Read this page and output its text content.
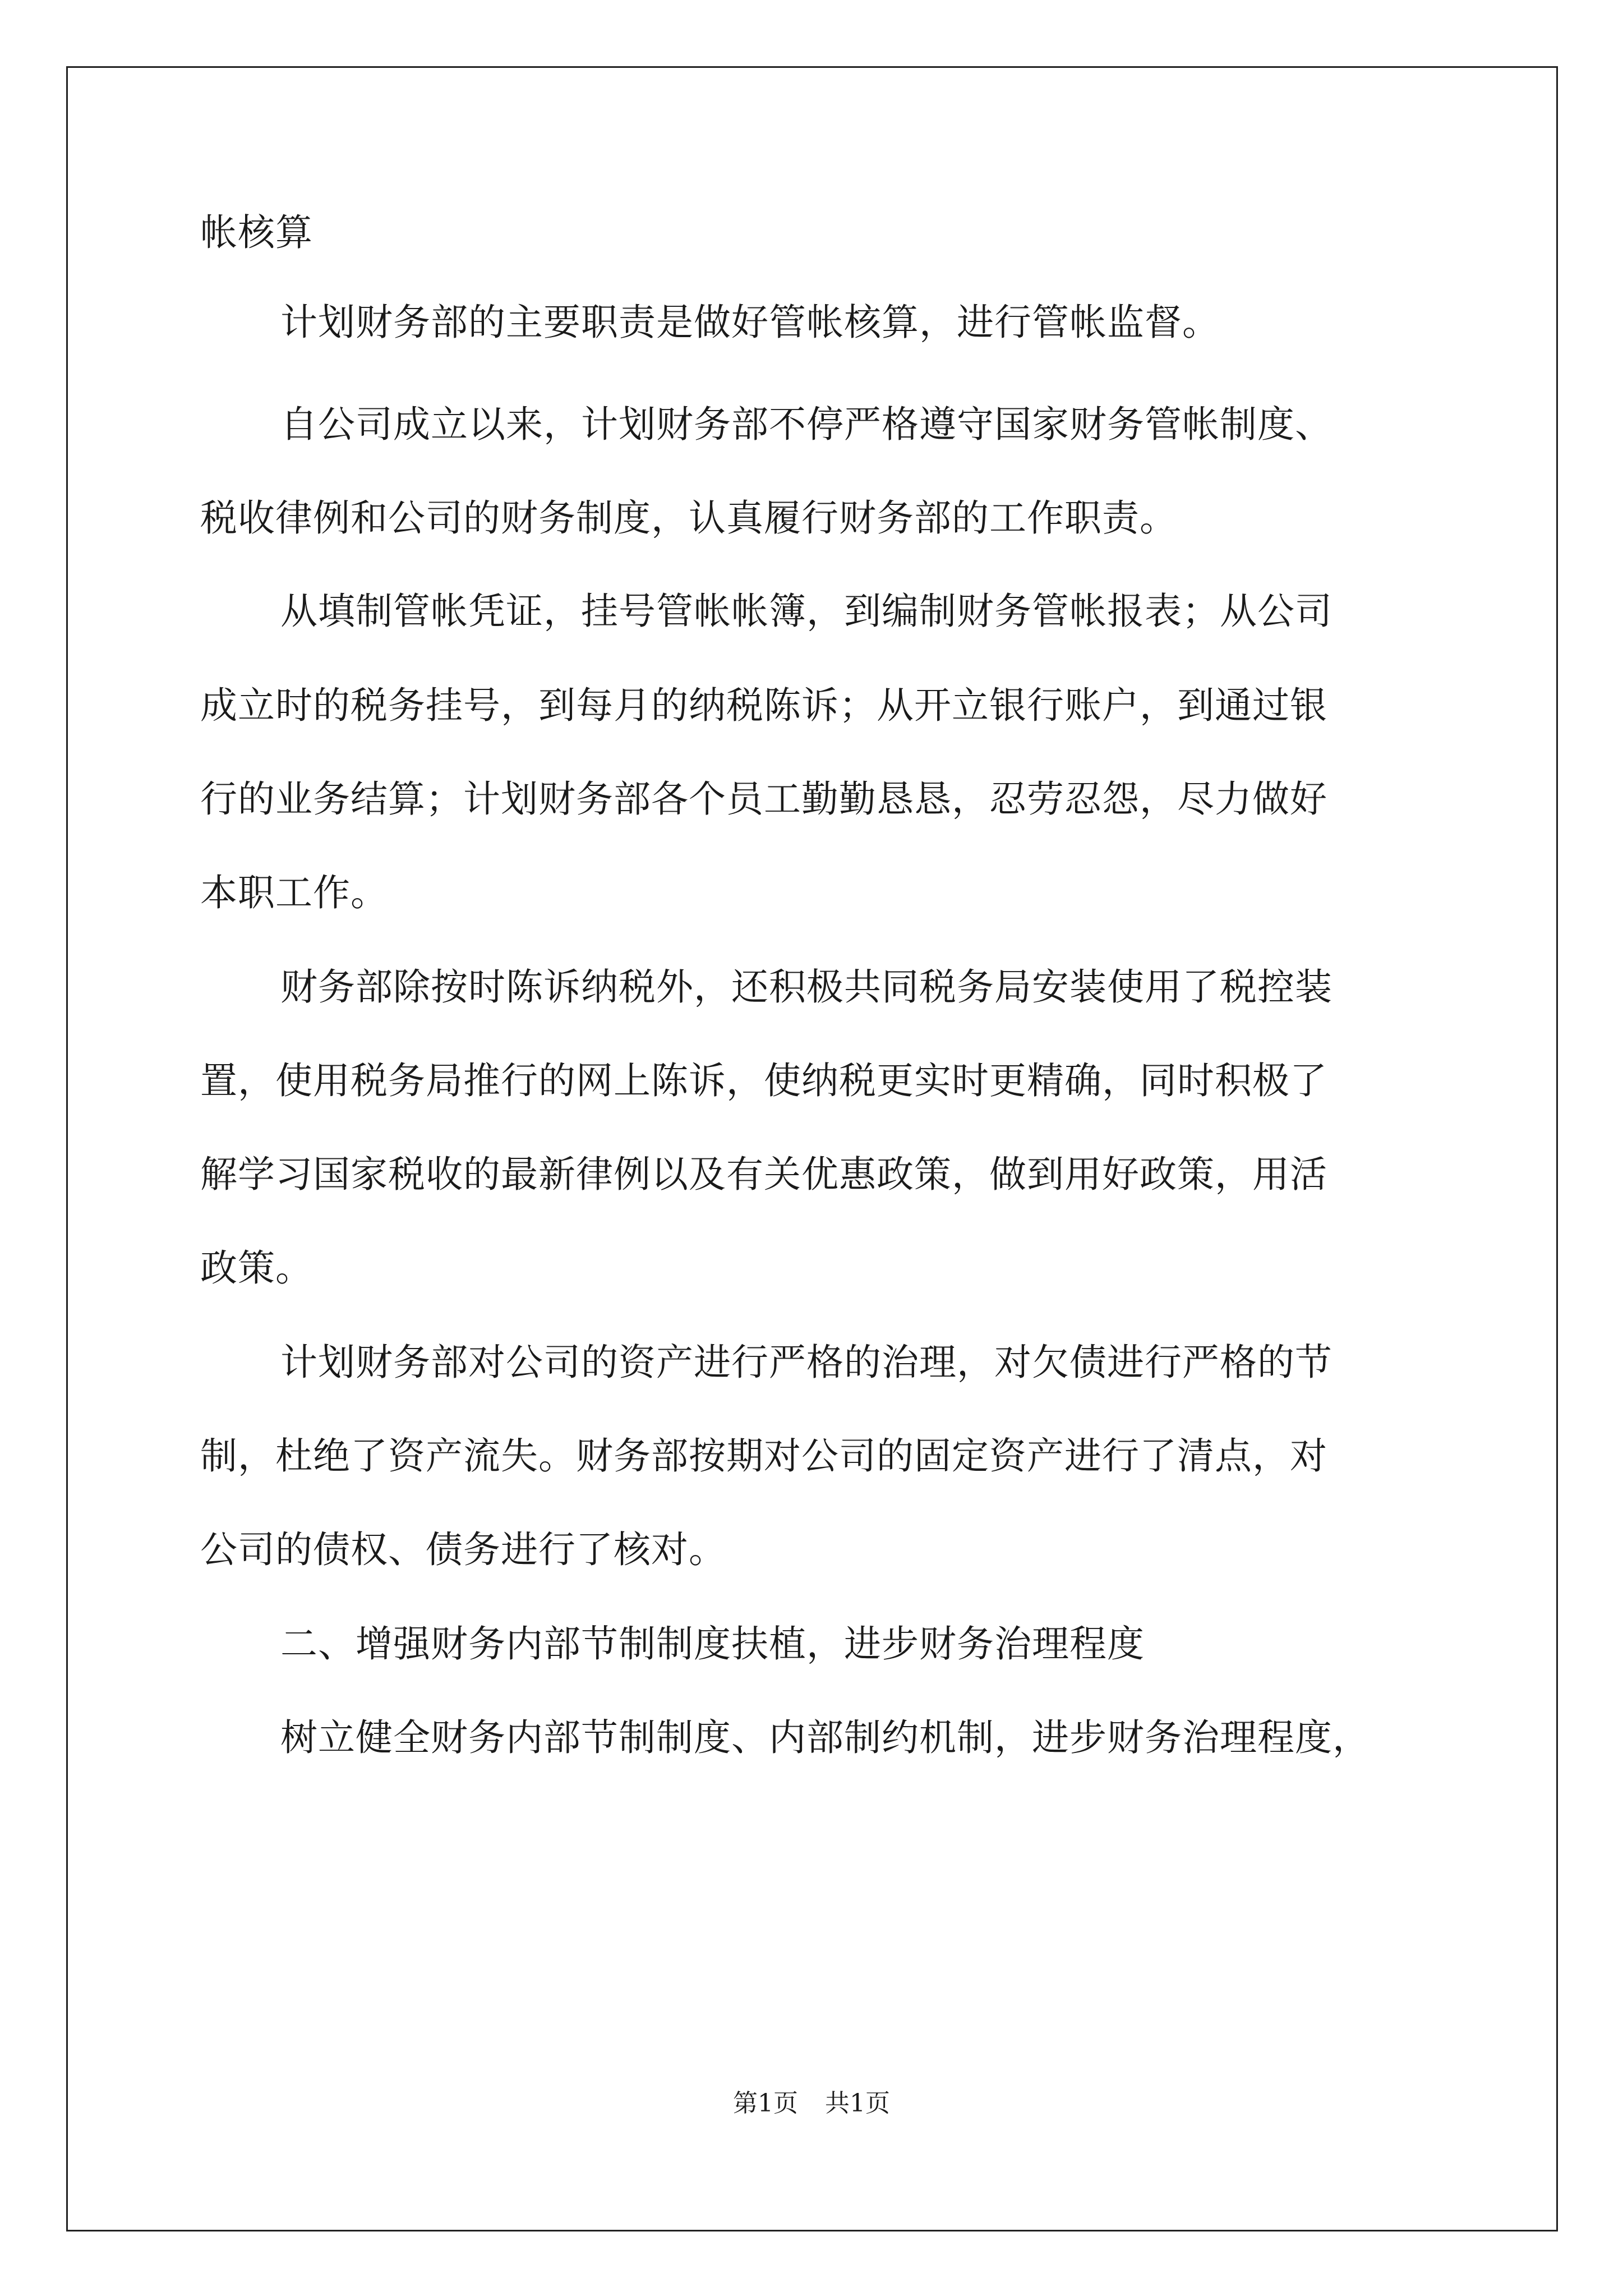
帐核算

计划财务部的主要职责是做好管帐核算，进行管帐监督。

自公司成立以来，计划财务部不停严格遵守国家财务管帐制度、

税收律例和公司的财务制度，认真履行财务部的工作职责。

从填制管帐凭证，挂号管帐帐簿，到编制财务管帐报表；从公司

成立时的税务挂号，到每月的纳税陈诉；从开立银行账户，到通过银

行的业务结算；计划财务部各个员工勤勤恳恳，忍劳忍怨，尽力做好

本职工作。

财务部除按时陈诉纳税外，还积极共同税务局安装使用了税控装

置，使用税务局推行的网上陈诉，使纳税更实时更精确，同时积极了

解学习国家税收的最新律例以及有关优惠政策，做到用好政策，用活

政策。

计划财务部对公司的资产进行严格的治理，对欠债进行严格的节

制，杜绝了资产流失。财务部按期对公司的固定资产进行了清点，对

公司的债权、债务进行了核对。

二、增强财务内部节制制度扶植，进步财务治理程度

树立健全财务内部节制制度、内部制约机制，进步财务治理程度，

第1页 共1页
